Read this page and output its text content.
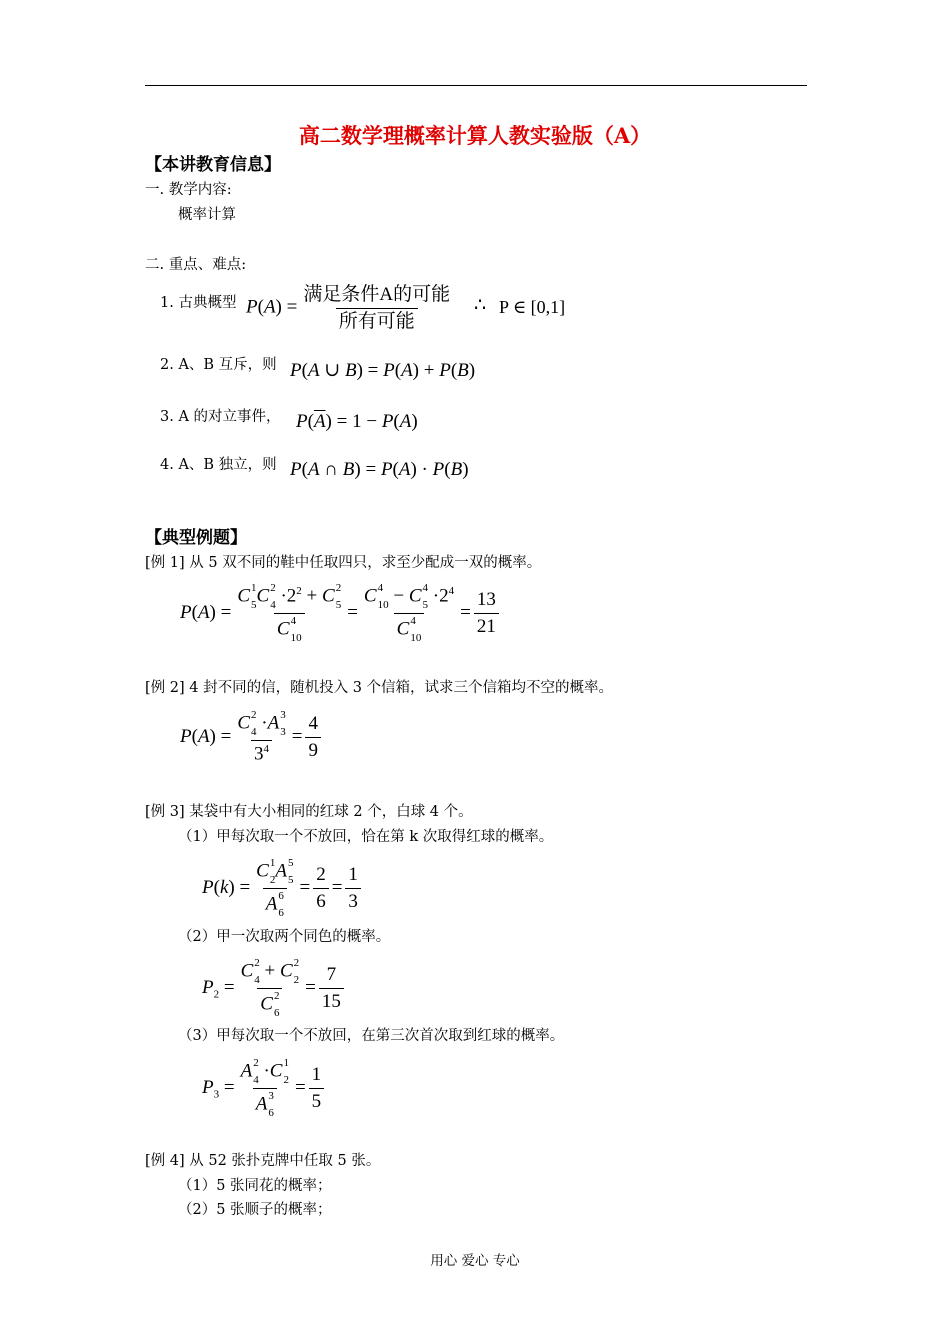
高二数学理概率计算人教实验版（A）
【本讲教育信息】
一. 教学内容:
概率计算
二. 重点、难点:
1. 古典概型 $P(A) = \frac{\text{满足条件A的可能}}{\text{所有可能}}$ ∴ P ∈ [0,1]
2. A、B 互斥，则 P(A ∪ B) = P(A) + P(B)
3. A 的对立事件， $P(\overline{A}) = 1 - P(A)$
4. A、B 独立，则 P(A ∩ B) = P(A) · P(B)
【典型例题】
[例 1] 从 5 双不同的鞋中任取四只，求至少配成一双的概率。
P(A) = C 1
5 C 2
$4 \cdot 2^2 + C$ 2
5
C 4
10 = C 4
10 − C 4
$5 \cdot 2^4$
C 4
$10 = \frac{13}{21}$
[例 2] 4 封不同的信，随机投入 3 个信箱，试求三个信箱均不空的概率。
P(A) = C 2
4 ·A 3
3
$3^4 = \frac{4}{9}$
[例 3] 某袋中有大小相同的红球 2 个，白球 4 个。
（1）甲每次取一个不放回，恰在第 k 次取得红球的概率。
P(k) = C 1
2 A 5
5
A 6
$6 = \frac{2}{6} = \frac{1}{3}$
（2）甲一次取两个同色的概率。
$P_2 = C$ 2
4 + C 2
2
C 2
$6 = \frac{7}{15}$
（3）甲每次取一个不放回，在第三次首次取到红球的概率。
$P_3 = A$ 2
4 ·C 1
2
A 3
$6 = \frac{1}{5}$
[例 4] 从 52 张扑克牌中任取 5 张。
（1）5 张同花的概率；
（2）5 张顺子的概率；
用心 爱心 专心
